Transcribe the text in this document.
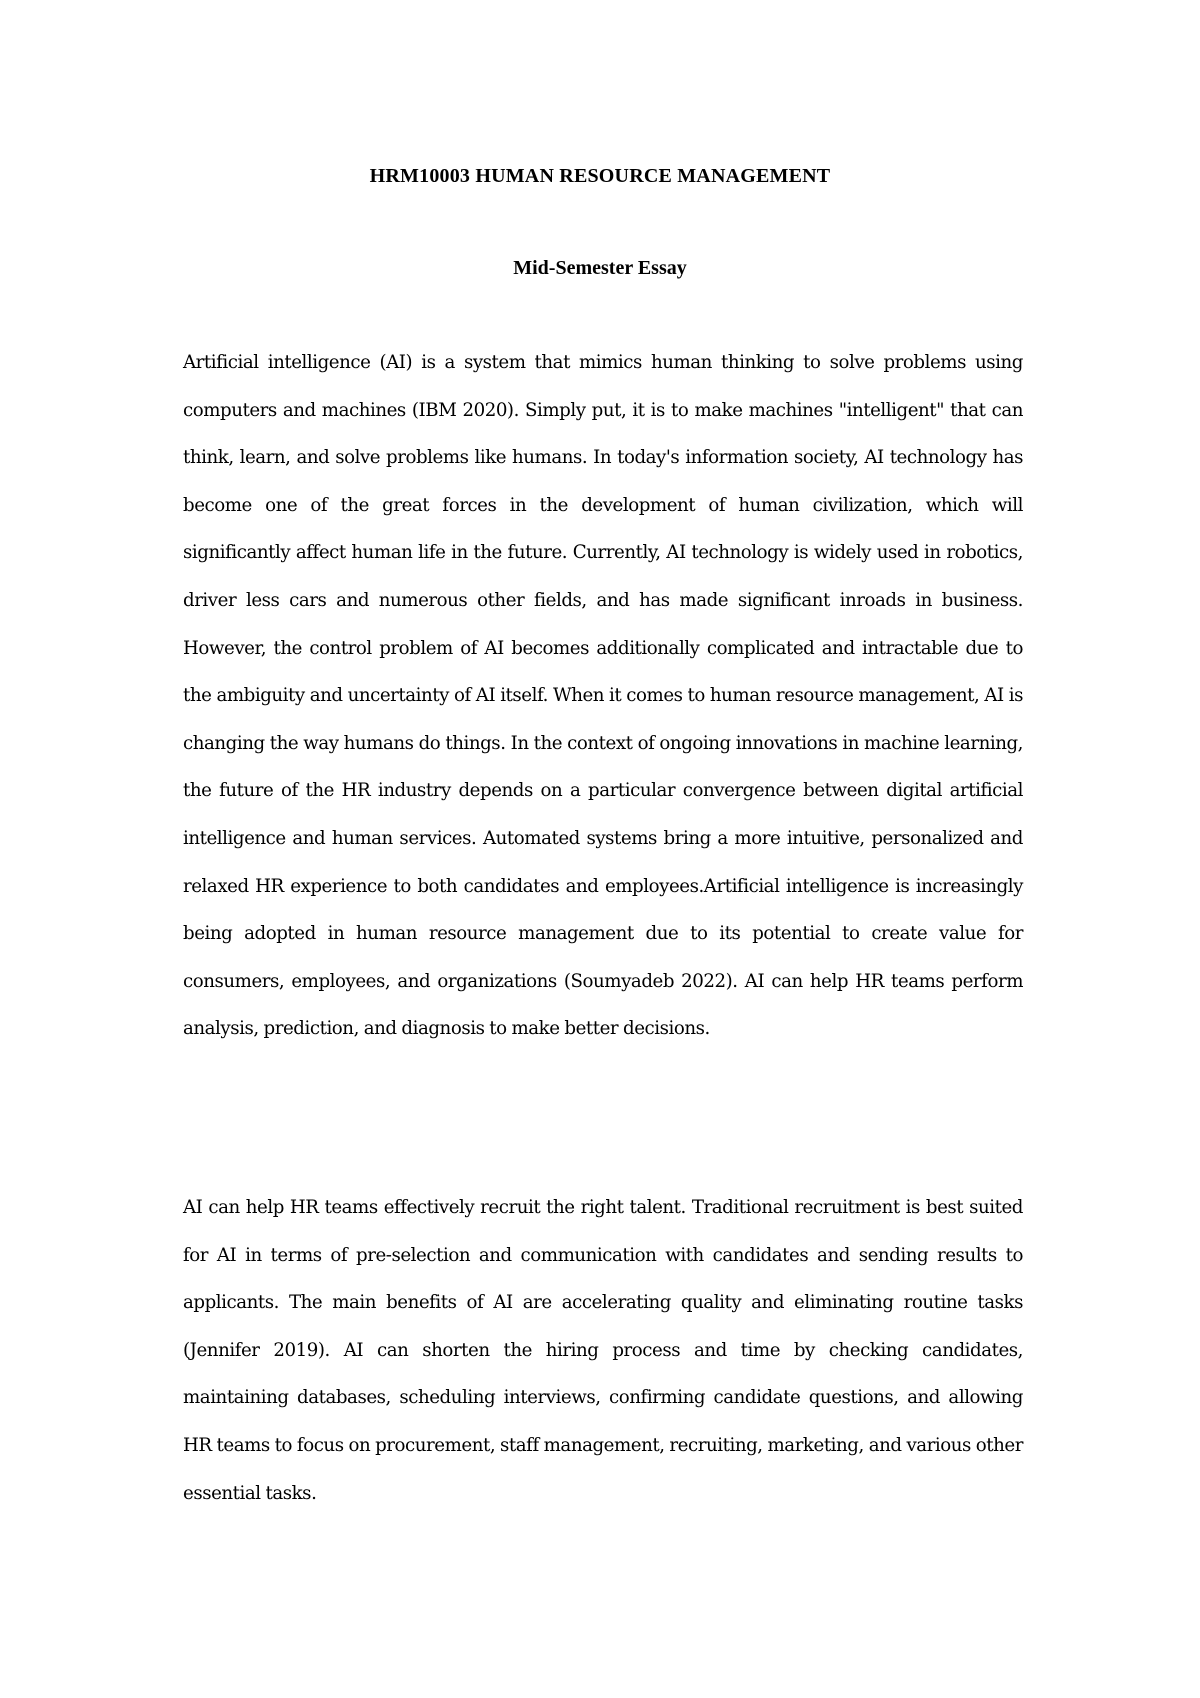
HRM10003 HUMAN RESOURCE MANAGEMENT
Mid-Semester Essay

Artificial intelligence (AI) is a system that mimics human thinking to solve problems using computers and machines (IBM 2020). Simply put, it is to make machines "intelligent" that can think, learn, and solve problems like humans. In today's information society, AI technology has become one of the great forces in the development of human civilization, which will significantly affect human life in the future. Currently, AI technology is widely used in robotics, driver less cars and numerous other fields, and has made significant inroads in business. However, the control problem of AI becomes additionally complicated and intractable due to the ambiguity and uncertainty of AI itself. When it comes to human resource management, AI is changing the way humans do things. In the context of ongoing innovations in machine learning, the future of the HR industry depends on a particular convergence between digital artificial intelligence and human services. Automated systems bring a more intuitive, personalized and relaxed HR experience to both candidates and employees.Artificial intelligence is increasingly being adopted in human resource management due to its potential to create value for consumers, employees, and organizations (Soumyadeb 2022). AI can help HR teams perform analysis, prediction, and diagnosis to make better decisions.

AI can help HR teams effectively recruit the right talent. Traditional recruitment is best suited for AI in terms of pre-selection and communication with candidates and sending results to applicants. The main benefits of AI are accelerating quality and eliminating routine tasks (Jennifer 2019). AI can shorten the hiring process and time by checking candidates, maintaining databases, scheduling interviews, confirming candidate questions, and allowing HR teams to focus on procurement, staff management, recruiting, marketing, and various other essential tasks.
